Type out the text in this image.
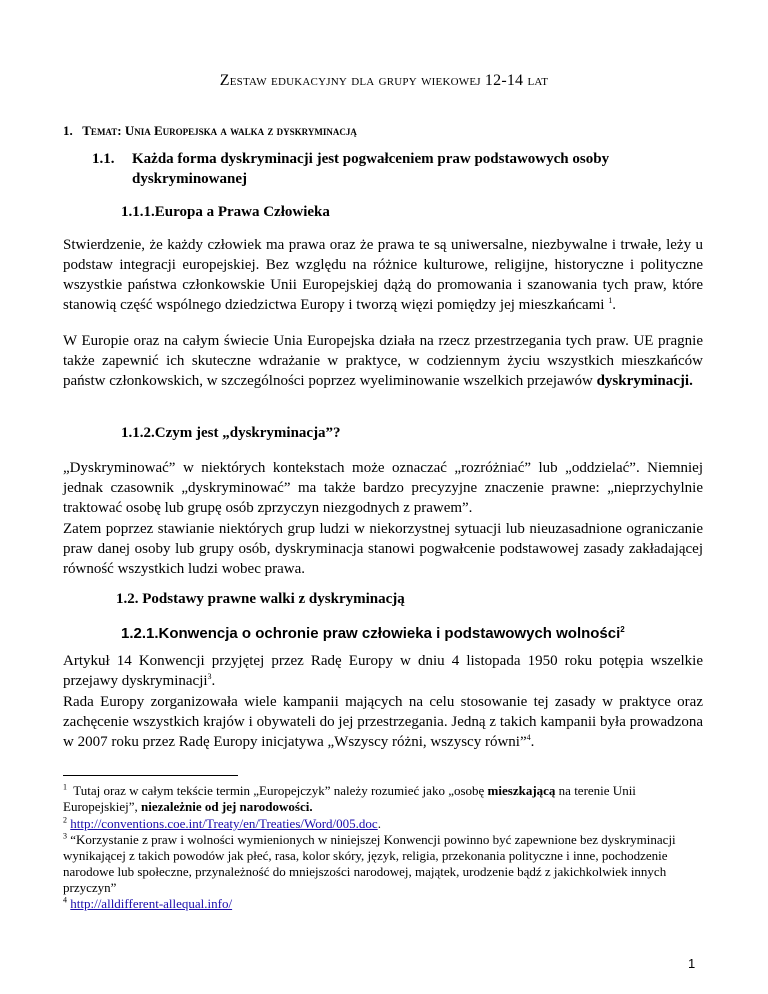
Zestaw edukacyjny dla grupy wiekowej 12-14 lat
1. Temat: Unia Europejska a walka z dyskryminacją
1.1. Każda forma dyskryminacji jest pogwałceniem praw podstawowych osoby
dyskryminowanej
1.1.1.Europa a Prawa Człowieka
Stwierdzenie, że każdy człowiek ma prawa oraz że prawa te są uniwersalne, niezbywalne i trwałe, leży u podstaw integracji europejskiej. Bez względu na różnice kulturowe, religijne, historyczne i polityczne wszystkie państwa członkowskie Unii Europejskiej dążą do promowania i szanowania tych praw, które stanowią część wspólnego dziedzictwa Europy i tworzą więzi pomiędzy jej mieszkańcami $^1$.
W Europie oraz na całym świecie Unia Europejska działa na rzecz przestrzegania tych praw. UE pragnie także zapewnić ich skuteczne wdrażanie w praktyce, w codziennym życiu wszystkich mieszkańców państw członkowskich, w szczególności poprzez wyeliminowanie wszelkich przejawów dyskryminacji.
1.1.2.Czym jest „dyskryminacja”?
„Dyskryminować” w niektórych kontekstach może oznaczać „rozróżniać” lub „oddzielać”. Niemniej jednak czasownik „dyskryminować” ma także bardzo precyzyjne znaczenie prawne: „nieprzychylnie traktować osobę lub grupę osób zprzyczyn niezgodnych z prawem”.
Zatem poprzez stawianie niektórych grup ludzi w niekorzystnej sytuacji lub nieuzasadnione ograniczanie praw danej osoby lub grupy osób, dyskryminacja stanowi pogwałcenie podstawowej zasady zakładającej równość wszystkich ludzi wobec prawa.
1.2. Podstawy prawne walki z dyskryminacją
1.2.1.Konwencja o ochronie praw człowieka i podstawowych wolności$^2$
Artykuł 14 Konwencji przyjętej przez Radę Europy w dniu 4 listopada 1950 roku potępia wszelkie przejawy dyskryminacji$^3$.
Rada Europy zorganizowała wiele kampanii mających na celu stosowanie tej zasady w praktyce oraz zachęcenie wszystkich krajów i obywateli do jej przestrzegania. Jedną z takich kampanii była prowadzona w 2007 roku przez Radę Europy inicjatywa „Wszyscy różni, wszyscy równi”$^4$.
$^1$ Tutaj oraz w całym tekście termin „Europejczyk” należy rozumieć jako „osobę mieszkającą na terenie Unii Europejskiej”, niezależnie od jej narodowości.
$^2$ http://conventions.coe.int/Treaty/en/Treaties/Word/005.doc.
$^3$ “Korzystanie z praw i wolności wymienionych w niniejszej Konwencji powinno być zapewnione bez dyskryminacji wynikającej z takich powodów jak płeć, rasa, kolor skóry, język, religia, przekonania polityczne i inne, pochodzenie narodowe lub społeczne, przynależność do mniejszości narodowej, majątek, urodzenie bądź z jakichkolwiek innych przyczyn”
$^4$ http://alldifferent-allequal.info/
1
